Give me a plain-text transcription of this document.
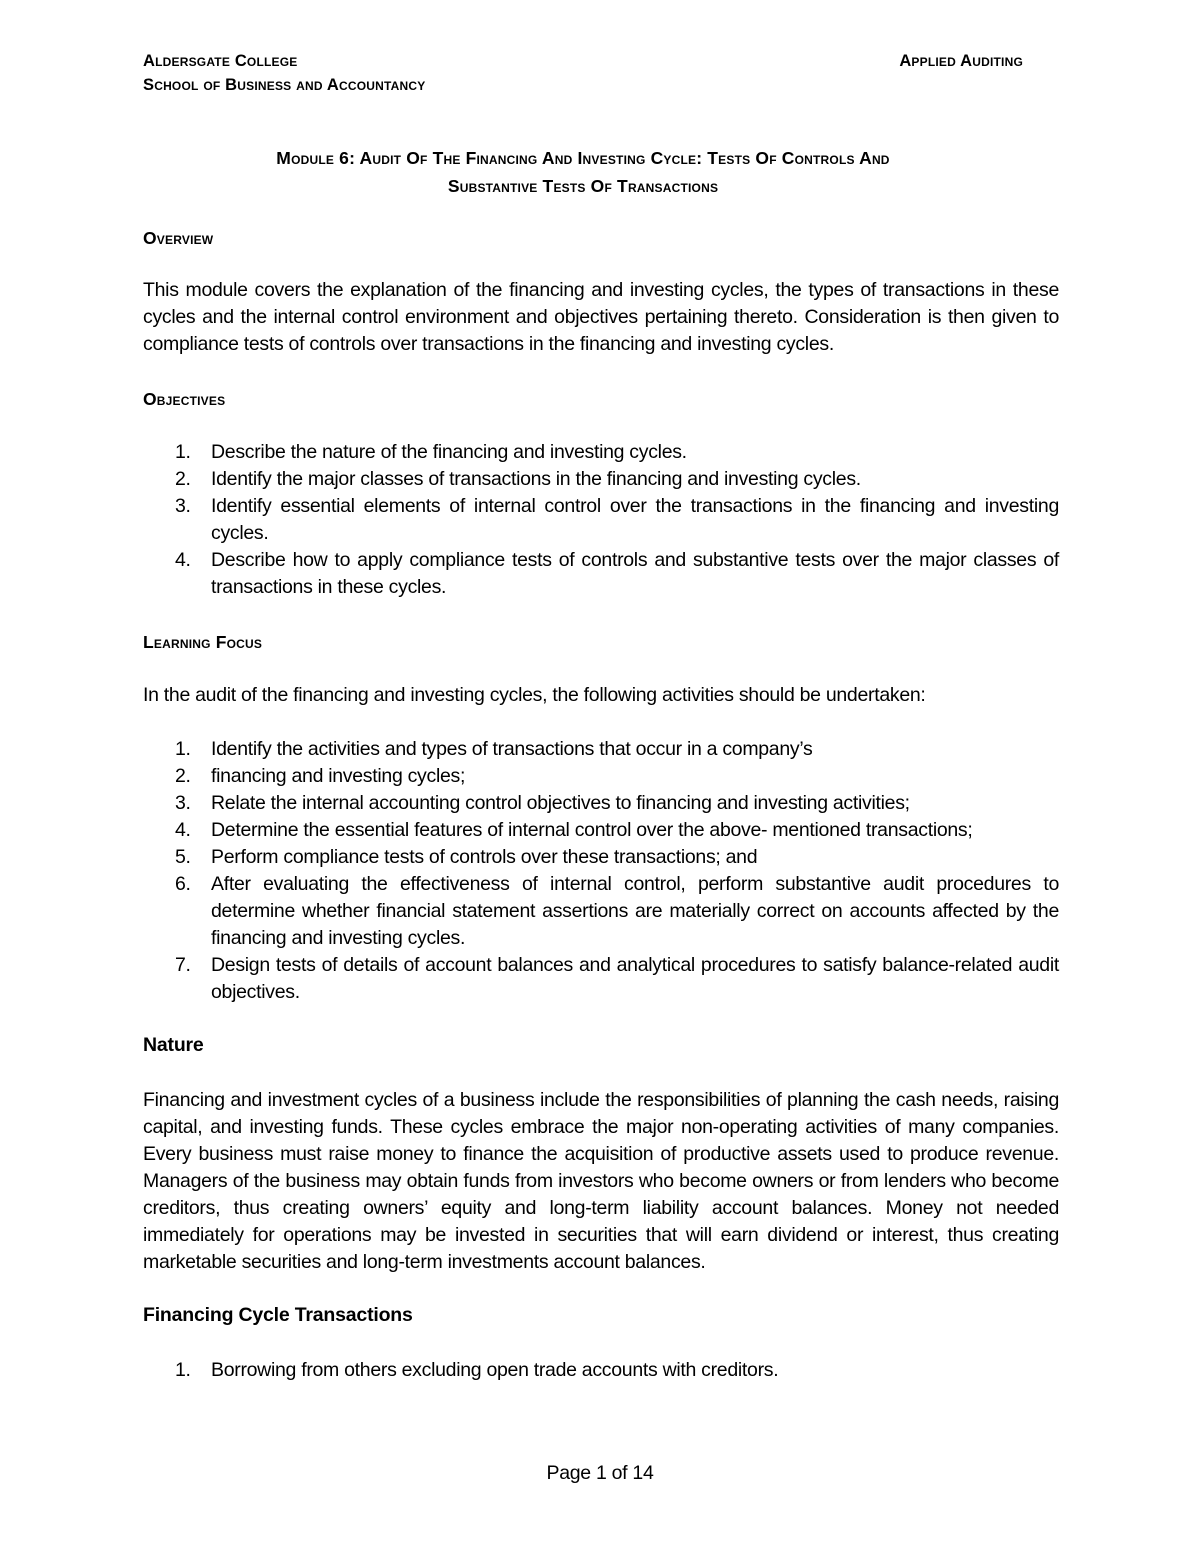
Aldersgate College
School of Business and Accountancy
Applied Auditing
Module 6: Audit Of The Financing And Investing Cycle: Tests Of Controls And
Substantive Tests Of Transactions
Overview

This module covers the explanation of the financing and investing cycles, the types of transactions in these cycles and the internal control environment and objectives pertaining thereto. Consideration is then given to compliance tests of controls over transactions in the financing and investing cycles.

Objectives
1. Describe the nature of the financing and investing cycles.
2. Identify the major classes of transactions in the financing and investing cycles.
3. Identify essential elements of internal control over the transactions in the financing and investing cycles.
4. Describe how to apply compliance tests of controls and substantive tests over the major classes of transactions in these cycles.
Learning Focus

In the audit of the financing and investing cycles, the following activities should be undertaken:

1. Identify the activities and types of transactions that occur in a company’s
2. financing and investing cycles;
3. Relate the internal accounting control objectives to financing and investing activities;
4. Determine the essential features of internal control over the above- mentioned transactions;
5. Perform compliance tests of controls over these transactions; and
6. After evaluating the effectiveness of internal control, perform substantive audit procedures to determine whether financial statement assertions are materially correct on accounts affected by the financing and investing cycles.
7. Design tests of details of account balances and analytical procedures to satisfy balance-related audit objectives.
Nature

Financing and investment cycles of a business include the responsibilities of planning the cash needs, raising capital, and investing funds. These cycles embrace the major non-operating activities of many companies. Every business must raise money to finance the acquisition of productive assets used to produce revenue. Managers of the business may obtain funds from investors who become owners or from lenders who become creditors, thus creating owners’ equity and long-term liability account balances. Money not needed immediately for operations may be invested in securities that will earn dividend or interest, thus creating marketable securities and long-term investments account balances.

Financing Cycle Transactions
1. Borrowing from others excluding open trade accounts with creditors.
Page 1 of 14
